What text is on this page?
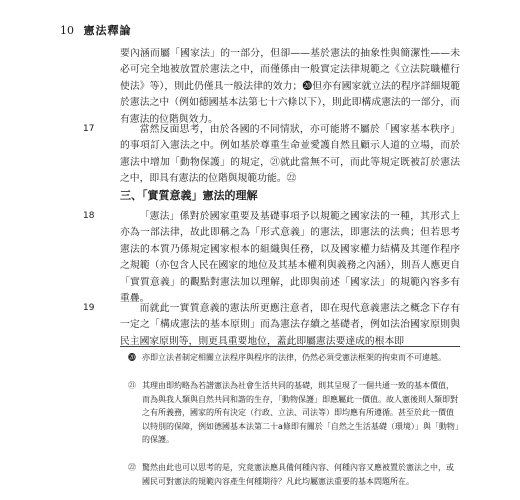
10 憲法釋論

要內涵而屬「國家法」的一部分，但卻——基於憲法的抽象性與簡潔性——未必可完全地被放置於憲法之中，而僅係由一般實定法律規範之《立法院職權行使法》等），則此仍僅具一般法律的效力；⓴但亦有國家就立法的程序詳細規範於憲法之中（例如德國基本法第七十六條以下），則此即構成憲法的一部分，而有憲法的位階與效力。

17	當然反面思考，由於各國的不同情狀，亦可能將不屬於「國家基本秩序」的事項訂入憲法之中。例如基於尊重生命並愛護自然且顧示人道的立場，而於憲法中增加「動物保護」的規定，㉑就此當無不可，而此等規定既被訂於憲法之中，即具有憲法的位階與規範功能。㉒

三、「實質意義」憲法的理解
18	「憲法」係對於國家重要及基礎事項予以規範之國家法的一種，其形式上亦為一部法律，故此即稱之為「形式意義」的憲法，即憲法的法典；但若思考憲法的本質乃係規定國家根本的組織與任務，以及國家權力結構及其運作程序之規範（亦包含人民在國家的地位及其基本權利與義務之內涵），則吾人應更自「實質意義」的觀點對憲法加以理解，此即與前述「國家法」的規範內容多有重疊。

19	而就此一實質意義的憲法所更應注意者，即在現代意義憲法之概念下存有一定之「構成憲法的基本原則」而為憲法存續之基礎者，例如法治國家原則與民主國家原則等，則更具重要地位，蓋此即屬憲法要達成的根本即

⓴ 亦即立法者制定相關立法程序與程序的法律，仍然必須受憲法框架的拘束而不可違越。
㉑ 其理由即約略為若譜憲法為社會生活共同的基礎，則其呈現了一個共通一致的基本價值，而為與我人類與自然共同和諧的生存，「動物保護」即應屬此一價值。故人憲後則人類即對之有所義務，國家的所有決定（行政、立法、司法等）即均應有所遵循。甚至於此一價值以特別的保障，例如德國基本法第二十a條即有關於「自然之生活基礎（環境）」與「動物」的保護。
㉒ 驚然由此也可以思考的是，究竟憲法應具備何種內容、何種內容又應被置於憲法之中，或國民可對憲法的規範內容產生何種期待？凡此均屬憲法重要的基本問題所在。
